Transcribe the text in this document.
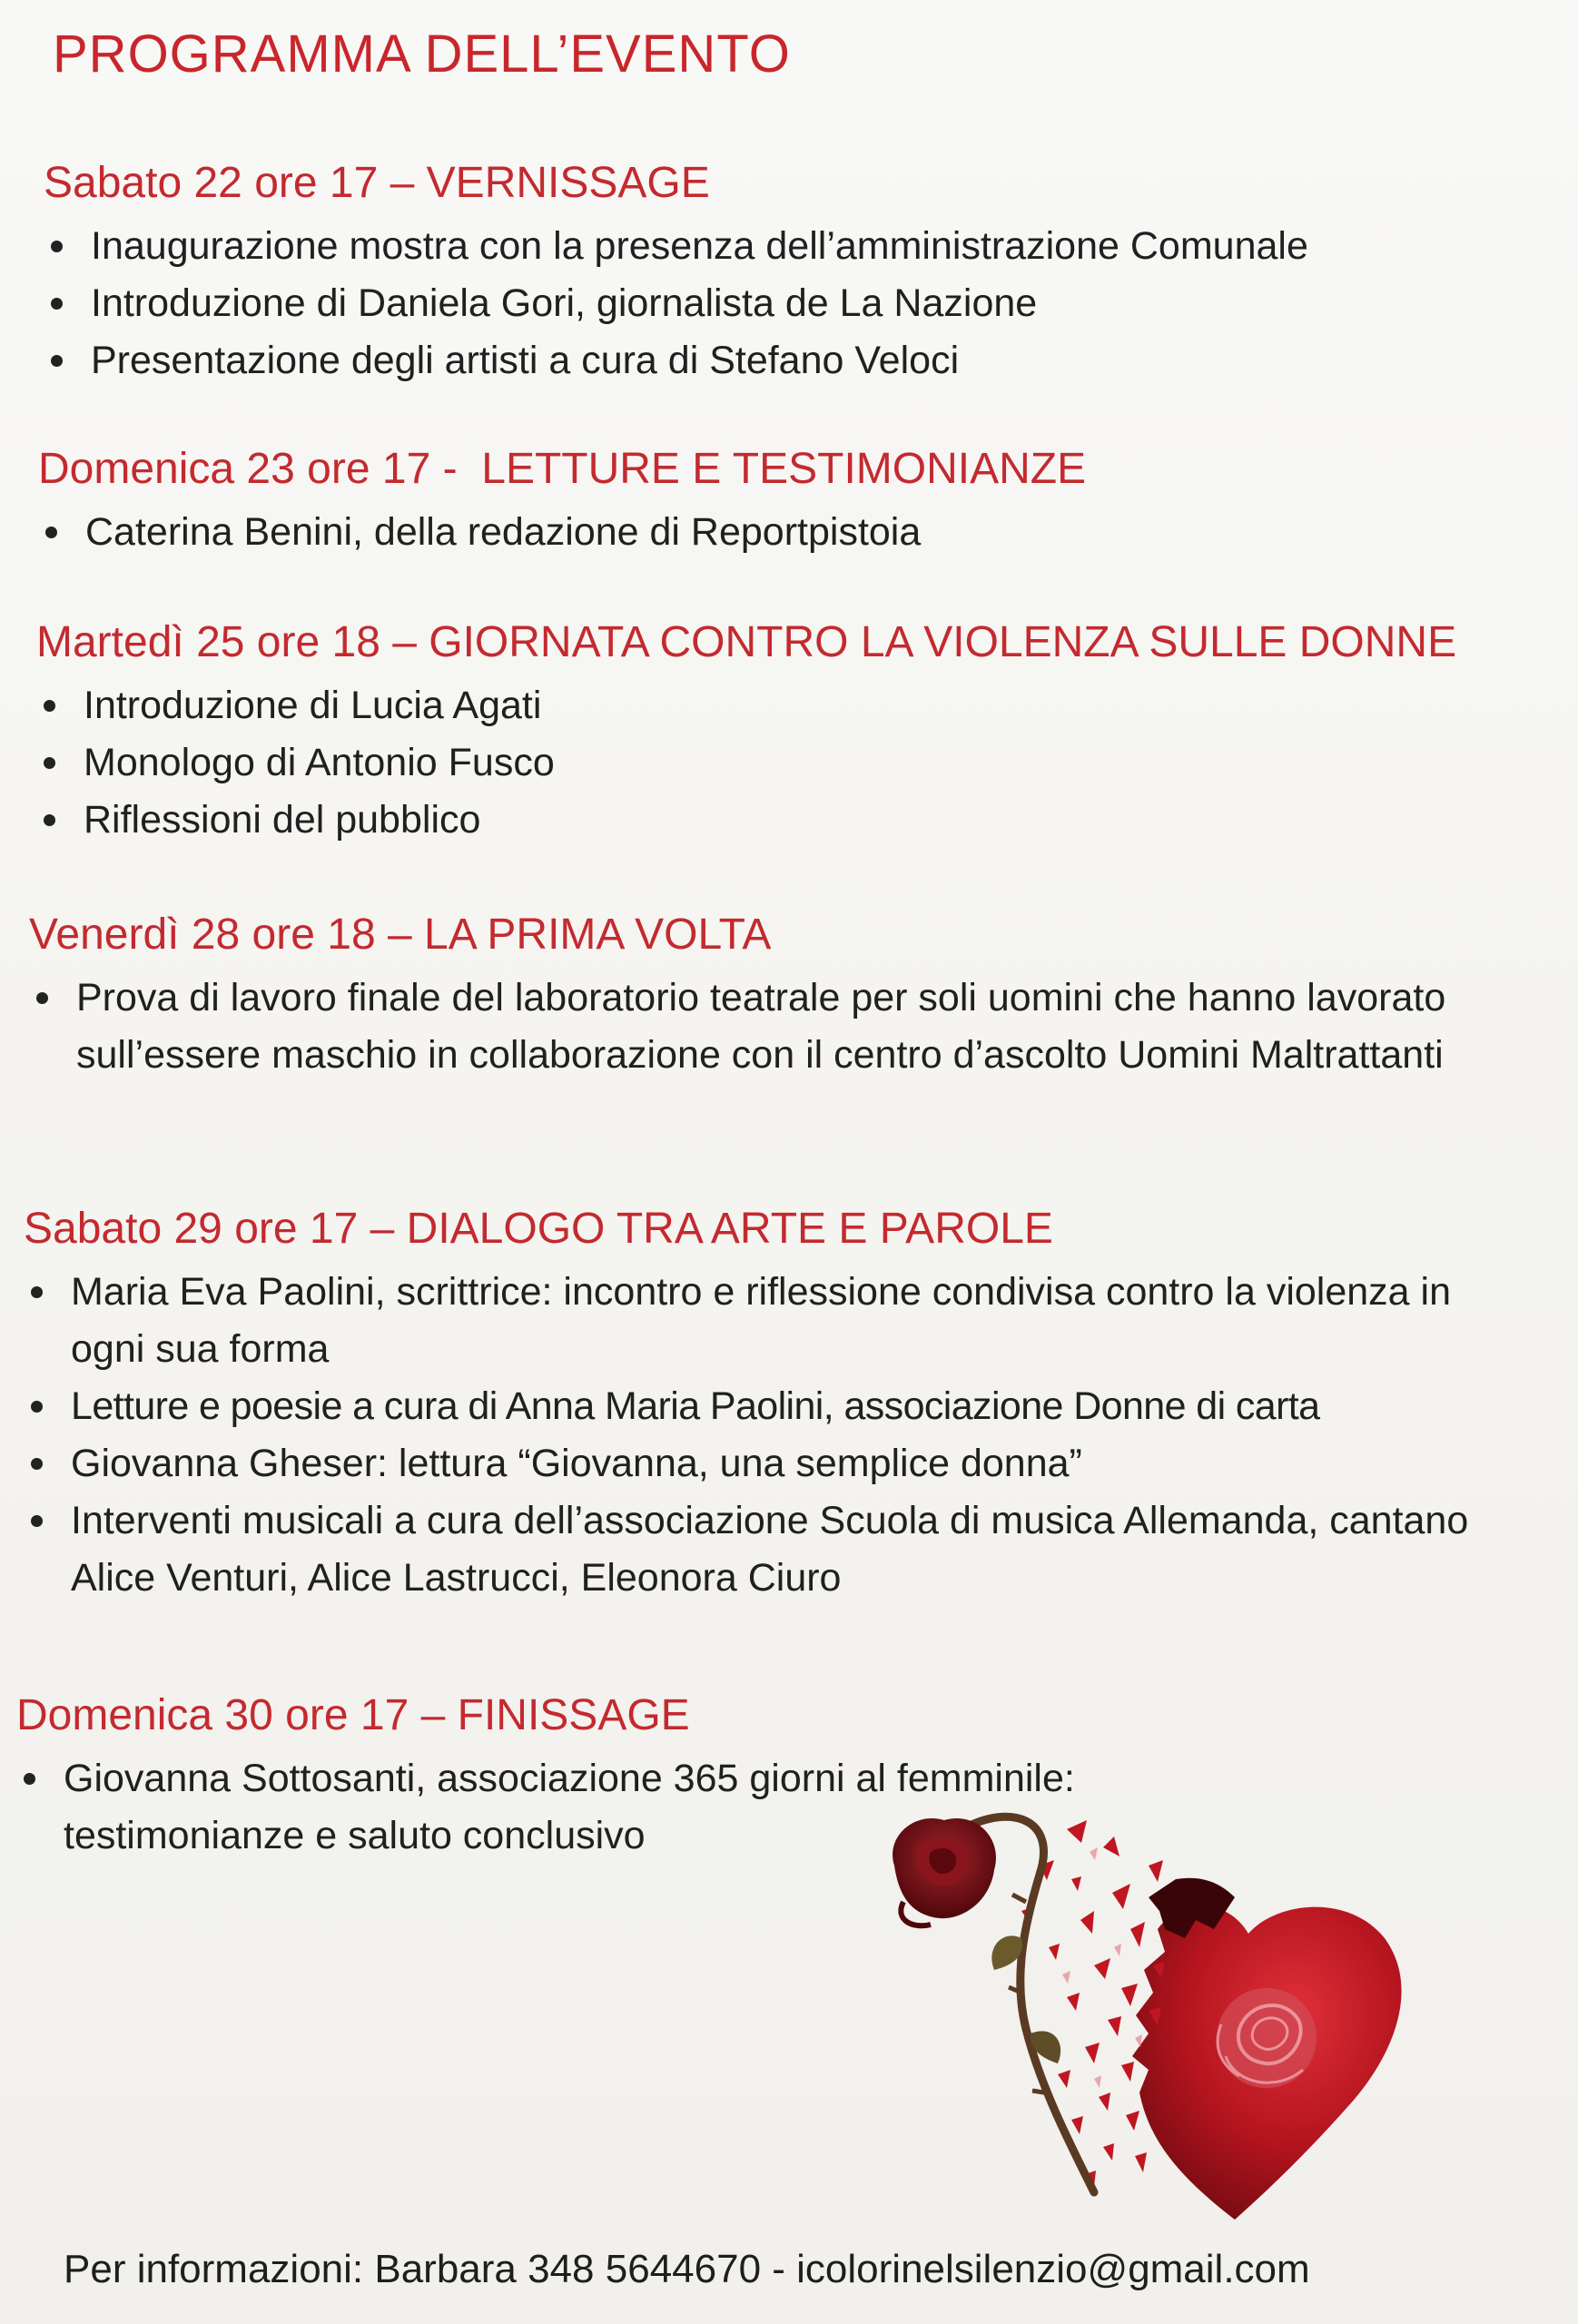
PROGRAMMA DELL’EVENTO
Sabato 22 ore 17 – VERNISSAGE
Inaugurazione mostra con la presenza dell’amministrazione Comunale
Introduzione di Daniela Gori, giornalista de La Nazione
Presentazione degli artisti a cura di Stefano Veloci
Domenica 23 ore 17 -  LETTURE E TESTIMONIANZE
Caterina Benini, della redazione di Reportpistoia
Martedì 25 ore 18 – GIORNATA CONTRO LA VIOLENZA SULLE DONNE
Introduzione di Lucia Agati
Monologo di Antonio Fusco
Riflessioni del pubblico
Venerdì 28 ore 18 – LA PRIMA VOLTA
Prova di lavoro finale del laboratorio teatrale per soli uomini che hanno lavorato sull’essere maschio in collaborazione con il centro d’ascolto Uomini Maltrattanti
Sabato 29 ore 17 – DIALOGO TRA ARTE E PAROLE
Maria Eva Paolini, scrittrice: incontro e riflessione condivisa contro la violenza in ogni sua forma
Letture e poesie a cura di Anna Maria Paolini, associazione Donne di carta
Giovanna Gheser: lettura “Giovanna, una semplice donna”
Interventi musicali a cura dell’associazione Scuola di musica Allemanda, cantano Alice Venturi, Alice Lastrucci, Eleonora Ciuro
Domenica 30 ore 17 – FINISSAGE
Giovanna Sottosanti, associazione 365 giorni al femminile: testimonianze e saluto conclusivo
Per informazioni: Barbara 348 5644670 - icolorinelsilenzio@gmail.com
